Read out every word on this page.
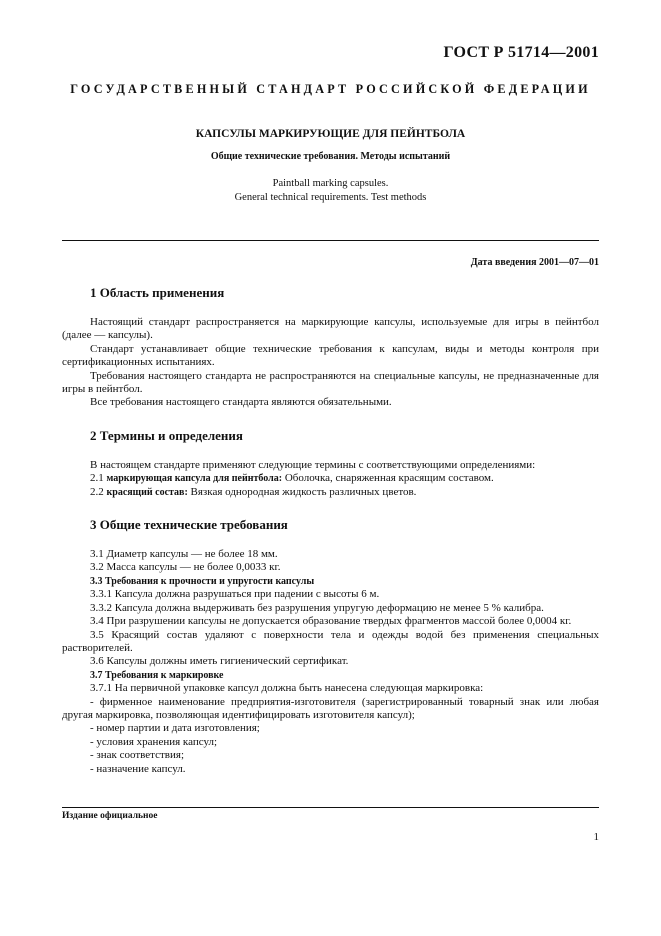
ГОСТ Р 51714—2001
ГОСУДАРСТВЕННЫЙ СТАНДАРТ РОССИЙСКОЙ ФЕДЕРАЦИИ

КАПСУЛЫ МАРКИРУЮЩИЕ ДЛЯ ПЕЙНТБОЛА

Общие технические требования. Методы испытаний

Paintball marking capsules.
General technical requirements. Test methods

Дата введения 2001—07—01
1 Область применения

Настоящий стандарт распространяется на маркирующие капсулы, используемые для игры в пейнтбол (далее — капсулы).

Стандарт устанавливает общие технические требования к капсулам, виды и методы контроля при сертификационных испытаниях.

Требования настоящего стандарта не распространяются на специальные капсулы, не предназначенные для игры в пейнтбол.

Все требования настоящего стандарта являются обязательными.

2 Термины и определения

В настоящем стандарте применяют следующие термины с соответствующими определениями:

2.1 маркирующая капсула для пейнтбола: Оболочка, снаряженная красящим составом.

2.2 красящий состав: Вязкая однородная жидкость различных цветов.

3 Общие технические требования

3.1 Диаметр капсулы — не более 18 мм.

3.2 Масса капсулы — не более 0,0033 кг.

3.3 Требования к прочности и упругости капсулы

3.3.1 Капсула должна разрушаться при падении с высоты 6 м.

3.3.2 Капсула должна выдерживать без разрушения упругую деформацию не менее 5 % калибра.

3.4 При разрушении капсулы не допускается образование твердых фрагментов массой более 0,0004 кг.

3.5 Красящий состав удаляют с поверхности тела и одежды водой без применения специальных растворителей.

3.6 Капсулы должны иметь гигиенический сертификат.

3.7 Требования к маркировке

3.7.1 На первичной упаковке капсул должна быть нанесена следующая маркировка:

- фирменное наименование предприятия-изготовителя (зарегистрированный товарный знак или любая другая маркировка, позволяющая идентифицировать изготовителя капсул);

- номер партии и дата изготовления;

- условия хранения капсул;

- знак соответствия;

- назначение капсул.

Издание официальное
1
